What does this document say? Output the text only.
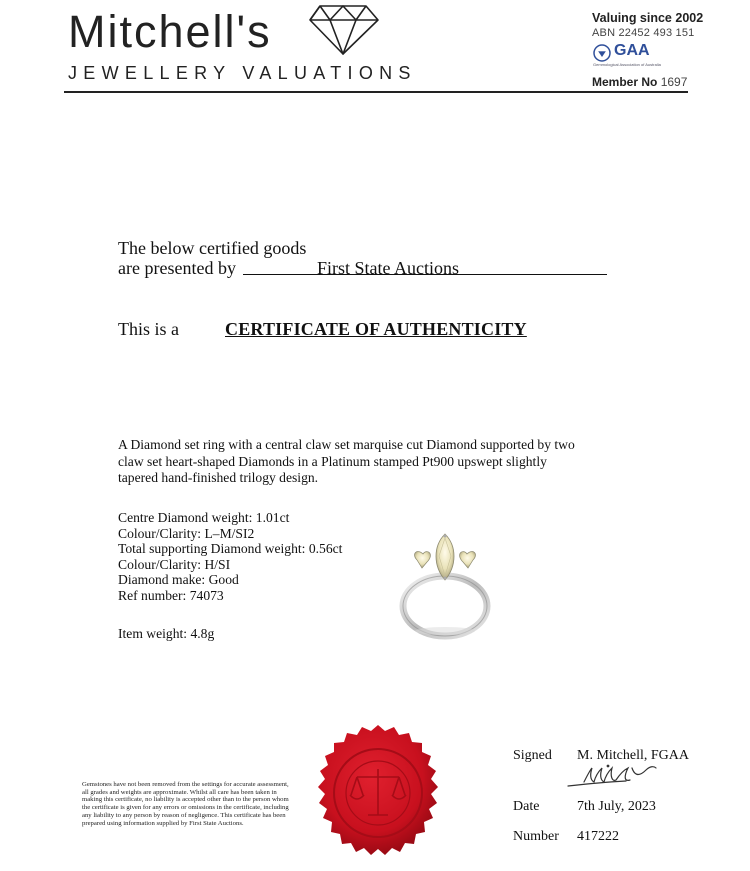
Mitchell's
JEWELLERY VALUATIONS
Valuing since 2002
ABN 22452 493 151
GAA
Gemmological Association of Australia
Member No 1697
The below certified goods
are presented by	First State Auctions
This is a	CERTIFICATE OF AUTHENTICITY
A Diamond set ring with a central claw set marquise cut Diamond supported by two claw set heart-shaped Diamonds in a Platinum stamped Pt900 upswept slightly tapered hand-finished trilogy design.
Centre Diamond weight: 1.01ct
Colour/Clarity: L–M/SI2
Total supporting Diamond weight: 0.56ct
Colour/Clarity: H/SI
Diamond make: Good
Ref number: 74073
Item weight: 4.8g
Gemstones have not been removed from the settings for accurate assessment, all grades and weights are approximate. Whilst all care has been taken in making this certificate, no liability is accepted other than to the person whom the certificate is given for any errors or omissions in the certificate, including any liability to any person by reason of negligence. This certificate has been prepared using information supplied by First State Auctions.
Signed M. Mitchell, FGAA
Date	7th July, 2023
Number 417222
